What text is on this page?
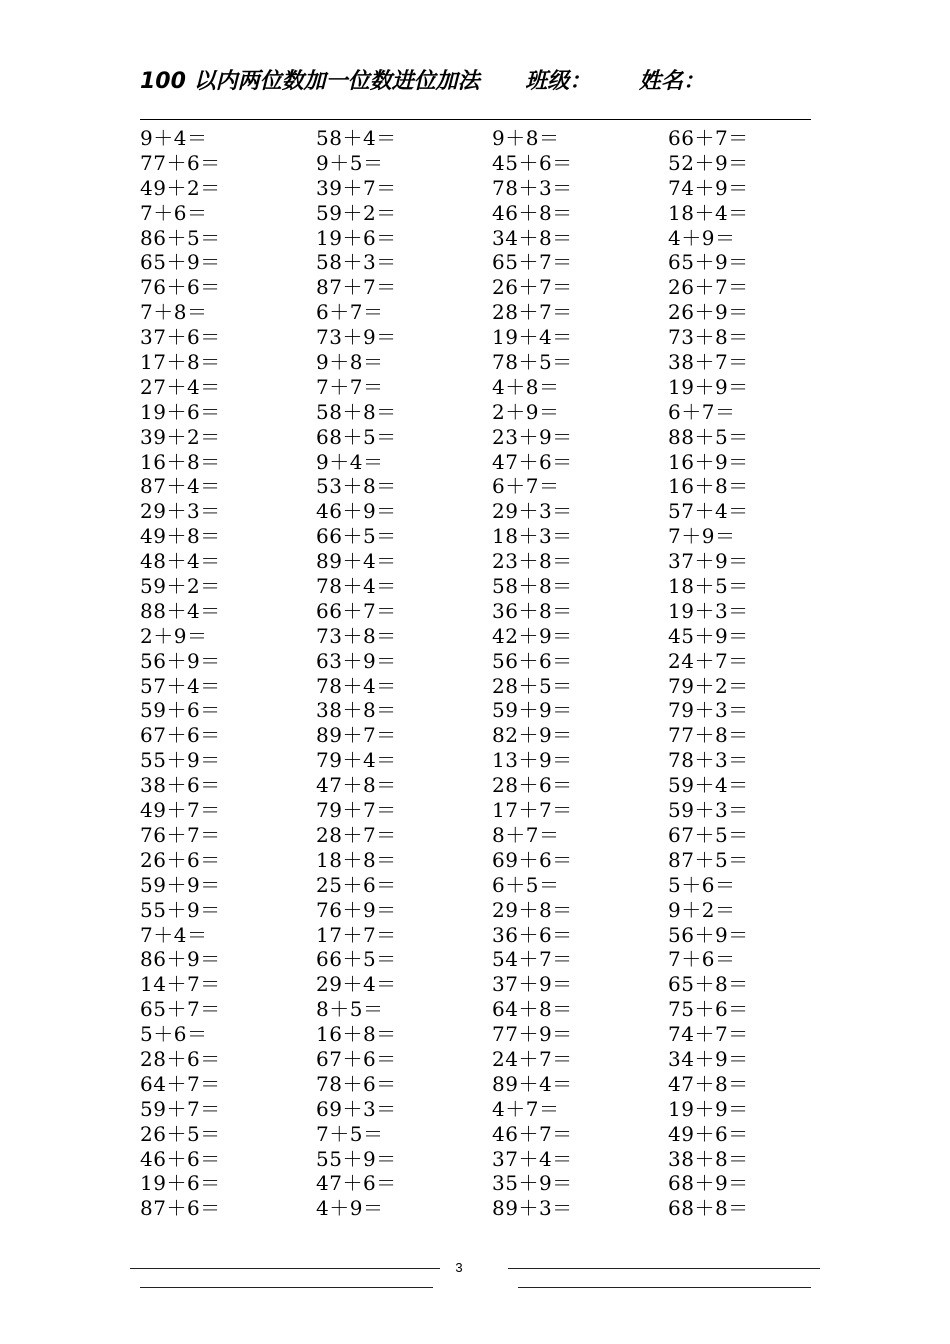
100 以内两位数加一位数进位加法 班级： 姓名：
9＋4＝	58＋4＝	9＋8＝	66＋7＝
77＋6＝	9＋5＝	45＋6＝	52＋9＝
49＋2＝	39＋7＝	78＋3＝	74＋9＝
7＋6＝	59＋2＝	46＋8＝	18＋4＝
86＋5＝	19＋6＝	34＋8＝	4＋9＝
65＋9＝	58＋3＝	65＋7＝	65＋9＝
76＋6＝	87＋7＝	26＋7＝	26＋7＝
7＋8＝	6＋7＝	28＋7＝	26＋9＝
37＋6＝	73＋9＝	19＋4＝	73＋8＝
17＋8＝	9＋8＝	78＋5＝	38＋7＝
27＋4＝	7＋7＝	4＋8＝	19＋9＝
19＋6＝	58＋8＝	2＋9＝	6＋7＝
39＋2＝	68＋5＝	23＋9＝	88＋5＝
16＋8＝	9＋4＝	47＋6＝	16＋9＝
87＋4＝	53＋8＝	6＋7＝	16＋8＝
29＋3＝	46＋9＝	29＋3＝	57＋4＝
49＋8＝	66＋5＝	18＋3＝	7＋9＝
48＋4＝	89＋4＝	23＋8＝	37＋9＝
59＋2＝	78＋4＝	58＋8＝	18＋5＝
88＋4＝	66＋7＝	36＋8＝	19＋3＝
2＋9＝	73＋8＝	42＋9＝	45＋9＝
56＋9＝	63＋9＝	56＋6＝	24＋7＝
57＋4＝	78＋4＝	28＋5＝	79＋2＝
59＋6＝	38＋8＝	59＋9＝	79＋3＝
67＋6＝	89＋7＝	82＋9＝	77＋8＝
55＋9＝	79＋4＝	13＋9＝	78＋3＝
38＋6＝	47＋8＝	28＋6＝	59＋4＝
49＋7＝	79＋7＝	17＋7＝	59＋3＝
76＋7＝	28＋7＝	8＋7＝	67＋5＝
26＋6＝	18＋8＝	69＋6＝	87＋5＝
59＋9＝	25＋6＝	6＋5＝	5＋6＝
55＋9＝	76＋9＝	29＋8＝	9＋2＝
7＋4＝	17＋7＝	36＋6＝	56＋9＝
86＋9＝	66＋5＝	54＋7＝	7＋6＝
14＋7＝	29＋4＝	37＋9＝	65＋8＝
65＋7＝	8＋5＝	64＋8＝	75＋6＝
5＋6＝	16＋8＝	77＋9＝	74＋7＝
28＋6＝	67＋6＝	24＋7＝	34＋9＝
64＋7＝	78＋6＝	89＋4＝	47＋8＝
59＋7＝	69＋3＝	4＋7＝	19＋9＝
26＋5＝	7＋5＝	46＋7＝	49＋6＝
46＋6＝	55＋9＝	37＋4＝	38＋8＝
19＋6＝	47＋6＝	35＋9＝	68＋9＝
87＋6＝	4＋9＝	89＋3＝	68＋8＝
3
